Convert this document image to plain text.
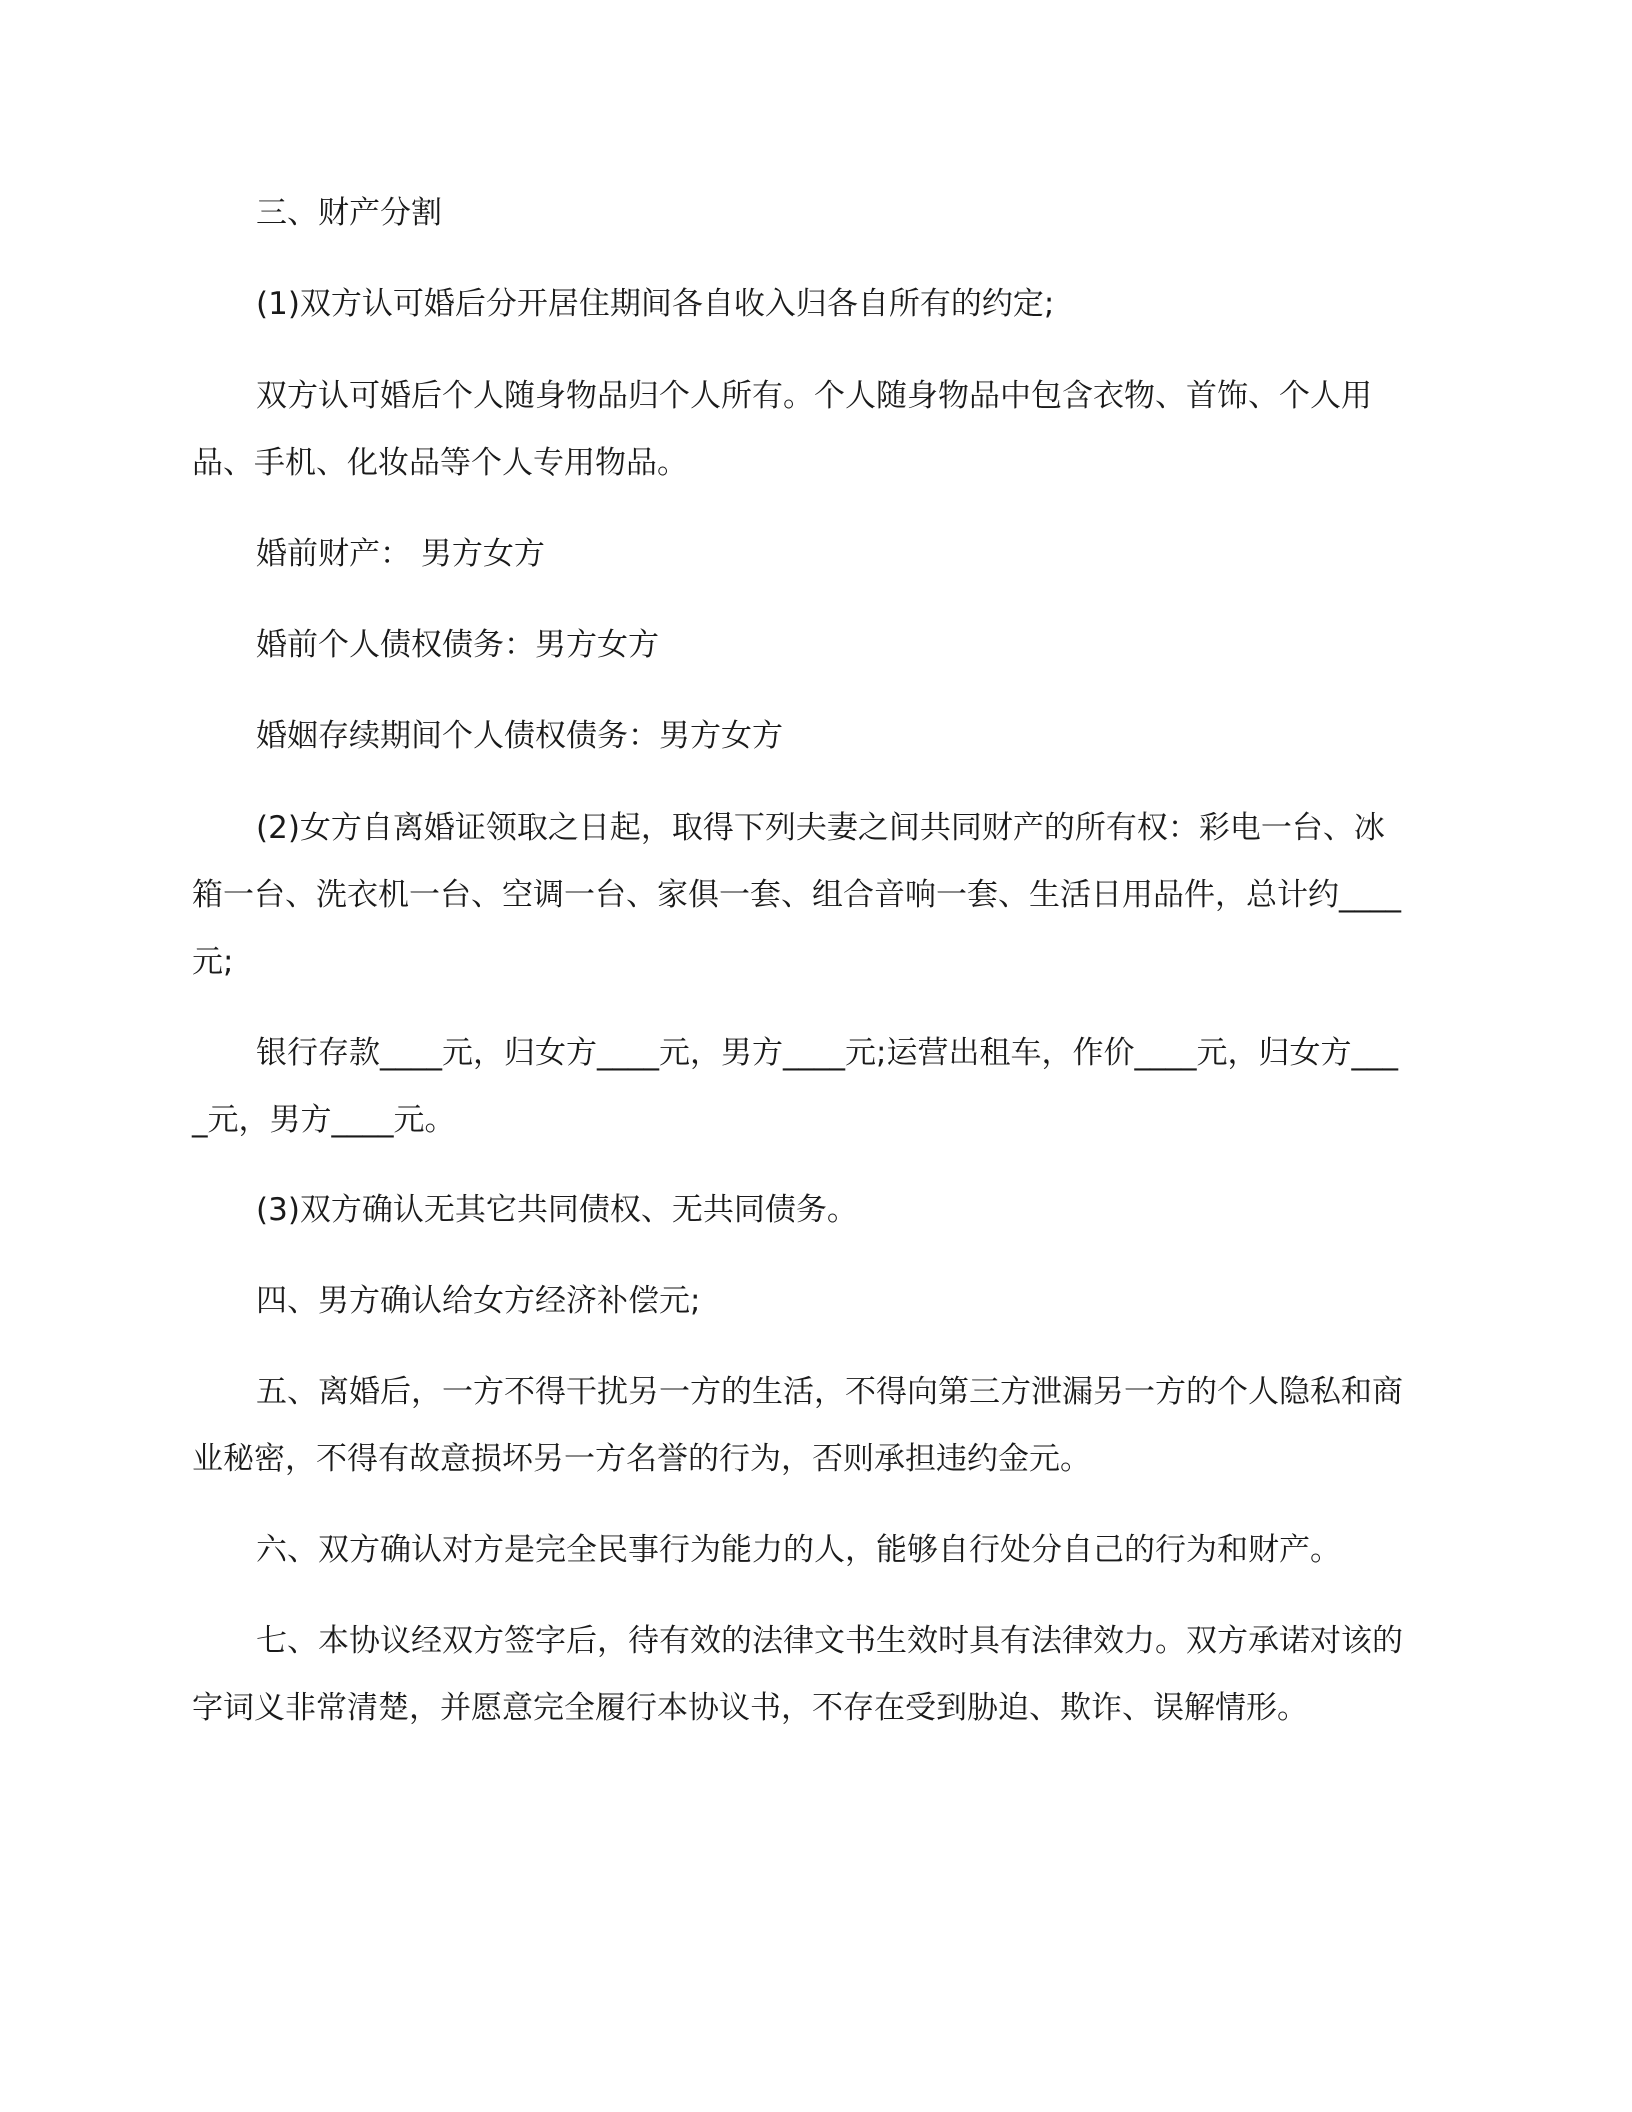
三、财产分割

(1)双方认可婚后分开居住期间各自收入归各自所有的约定;

双方认可婚后个人随身物品归个人所有。个人随身物品中包含衣物、首饰、个人用品、手机、化妆品等个人专用物品。

婚前财产： 男方女方

婚前个人债权债务：男方女方

婚姻存续期间个人债权债务：男方女方

(2)女方自离婚证领取之日起，取得下列夫妻之间共同财产的所有权：彩电一台、冰箱一台、洗衣机一台、空调一台、家俱一套、组合音响一套、生活日用品件，总计约____元;

银行存款____元，归女方____元，男方____元;运营出租车，作价____元，归女方____元，男方____元。

(3)双方确认无其它共同债权、无共同债务。

四、男方确认给女方经济补偿元;

五、离婚后，一方不得干扰另一方的生活，不得向第三方泄漏另一方的个人隐私和商业秘密，不得有故意损坏另一方名誉的行为，否则承担违约金元。

六、双方确认对方是完全民事行为能力的人，能够自行处分自己的行为和财产。

七、本协议经双方签字后，待有效的法律文书生效时具有法律效力。双方承诺对该的字词义非常清楚，并愿意完全履行本协议书，不存在受到胁迫、欺诈、误解情形。
